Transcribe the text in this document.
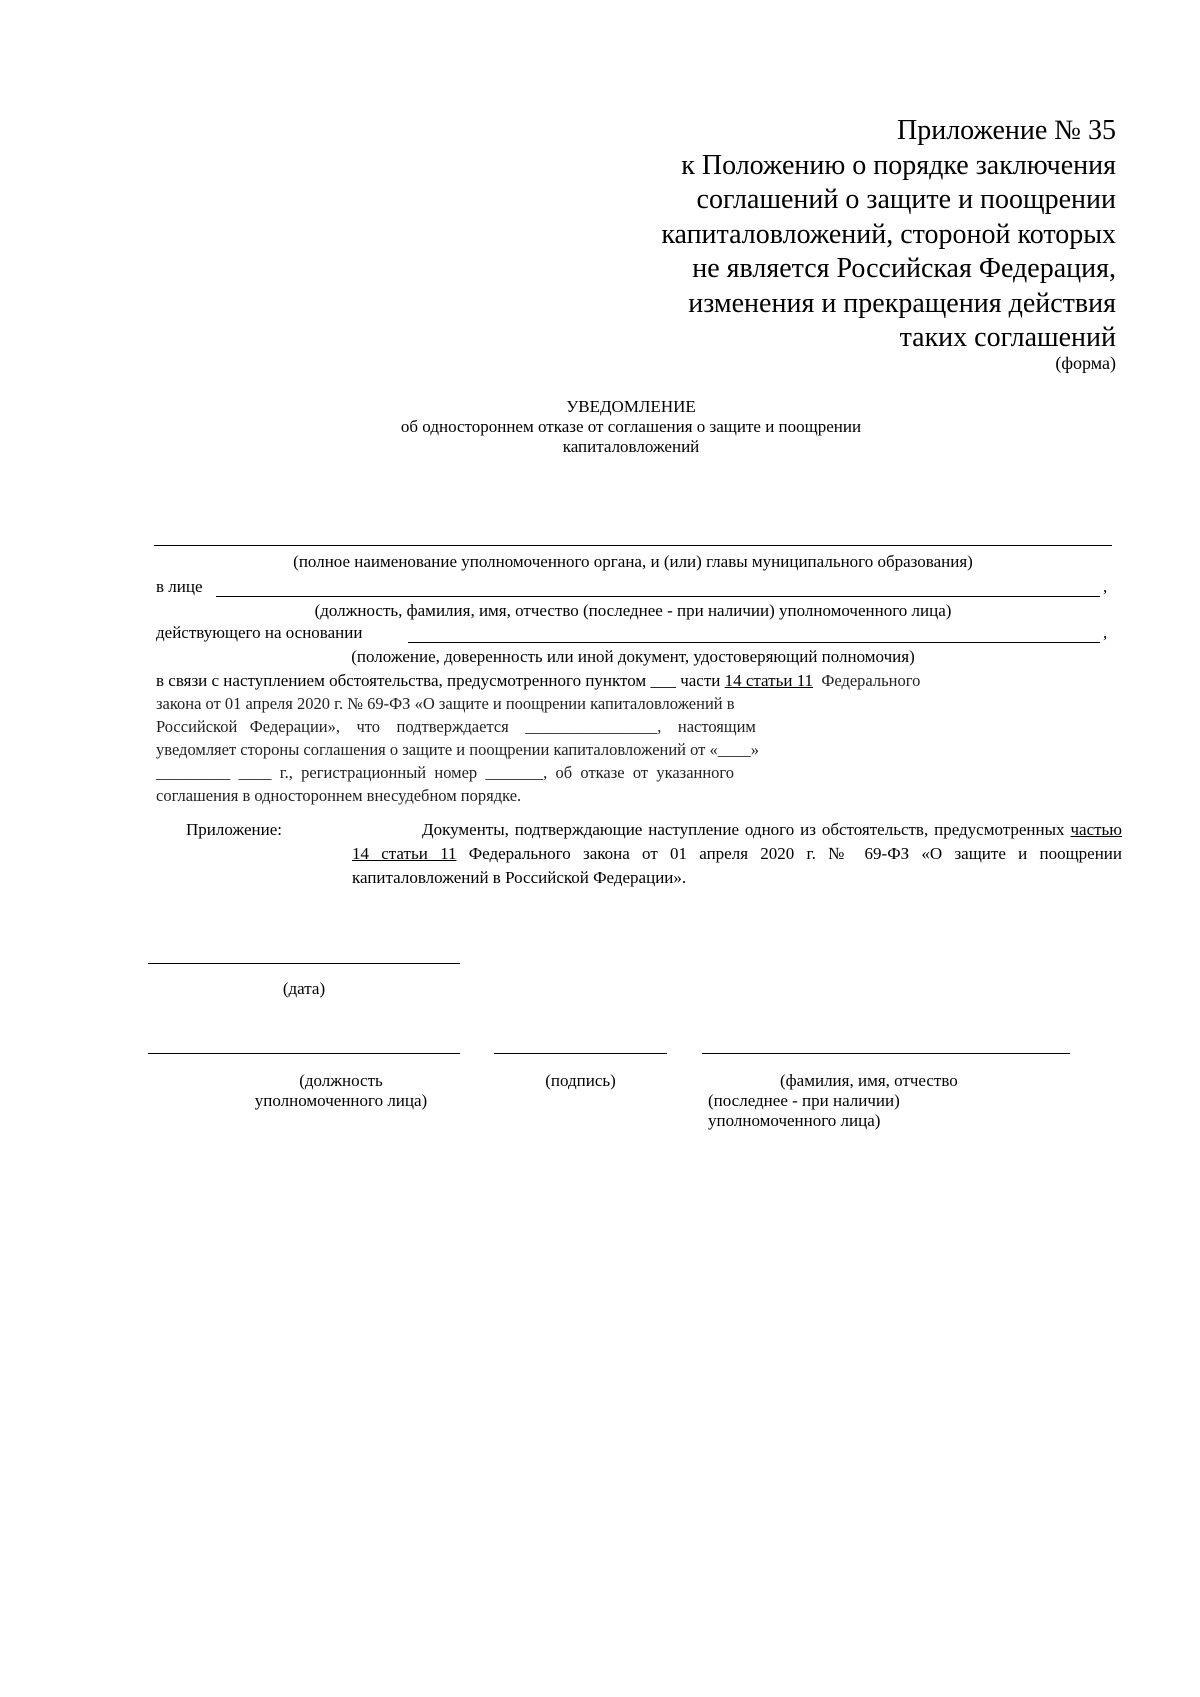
Приложение № 35
к Положению о порядке заключения
соглашений о защите и поощрении
капиталовложений, стороной которых
не является Российская Федерация,
изменения и прекращения действия
таких соглашений
(форма)
УВЕДОМЛЕНИЕ
об одностороннем отказе от соглашения о защите и поощрении
капиталовложений
(полное наименование уполномоченного органа, и (или) главы муниципального образования)
в лице	,
(должность, фамилия, имя, отчество (последнее - при наличии) уполномоченного лица)
действующего на основании	,
(положение, доверенность или иной документ, удостоверяющий полномочия)
в связи с наступлением обстоятельства, предусмотренного пунктом ___ части 14 статьи 11  Федерального
закона от 01 апреля 2020 г. № 69-ФЗ «О защите и поощрении капиталовложений в
Российской   Федерации»,    что    подтверждается    ________________,    настоящим
уведомляет стороны соглашения о защите и поощрении капиталовложений от «____»
_________  ____  г.,  регистрационный  номер  _______,  об  отказе  от  указанного
соглашения в одностороннем внесудебном порядке.
Приложение:	Документы, подтверждающие наступление одного из обстоятельств, предусмотренных частью 14 статьи 11 Федерального закона от 01 апреля 2020 г. № 69-ФЗ «О защите и поощрении капиталовложений в Российской Федерации».
(дата)
(должность
уполномоченного лица)
(подпись)	(фамилия, имя, отчество
(последнее - при наличии)
уполномоченного лица)
